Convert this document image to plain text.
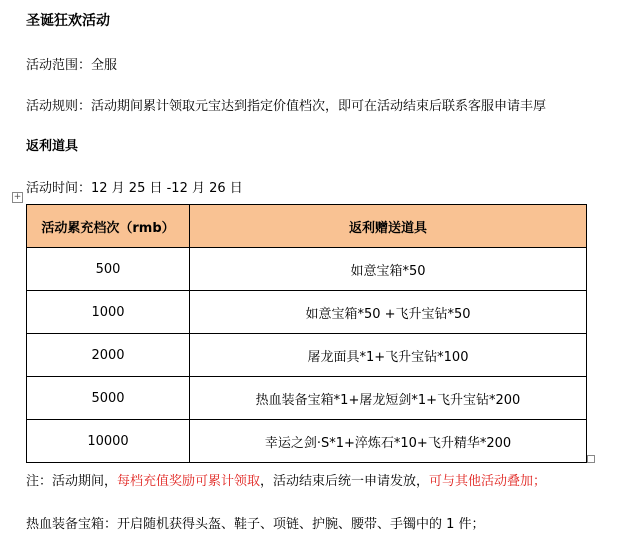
圣诞狂欢活动
活动范围：全服
活动规则：活动期间累计领取元宝达到指定价值档次，即可在活动结束后联系客服申请丰厚
返利道具
活动时间：12 月 25 日 -12 月 26 日
+
活动累充档次（rmb）	返利赠送道具
500	如意宝箱*50
1000	如意宝箱*50 +飞升宝钻*50
2000	屠龙面具*1+飞升宝钻*100
5000	热血装备宝箱*1+屠龙短剑*1+飞升宝钻*200
10000	幸运之剑·S*1+淬炼石*10+飞升精华*200
注：活动期间，每档充值奖励可累计领取，活动结束后统一申请发放，可与其他活动叠加；
热血装备宝箱：开启随机获得头盔、鞋子、项链、护腕、腰带、手镯中的 1 件；
